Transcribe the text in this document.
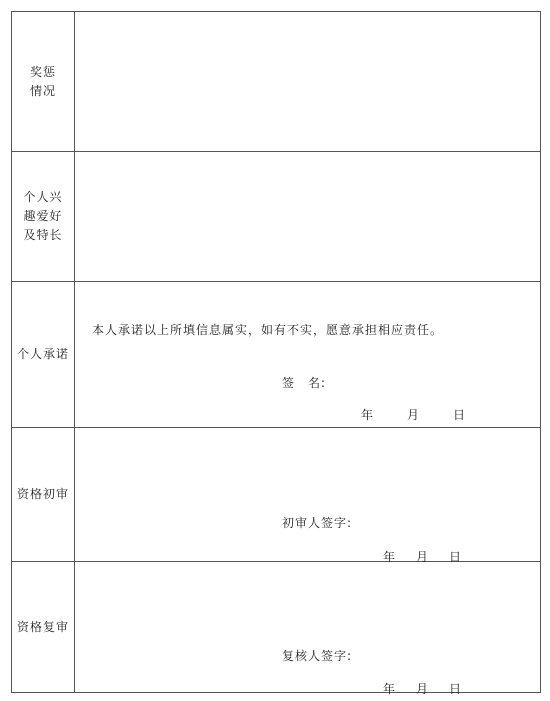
奖惩
情况
个人兴
趣爱好
及特长
个人承诺
本人承诺以上所填信息属实，如有不实，愿意承担相应责任。
签　名:
年	月	日
资格初审
初审人签字:
年 月 日
资格复审
复核人签字:
年 月 日
